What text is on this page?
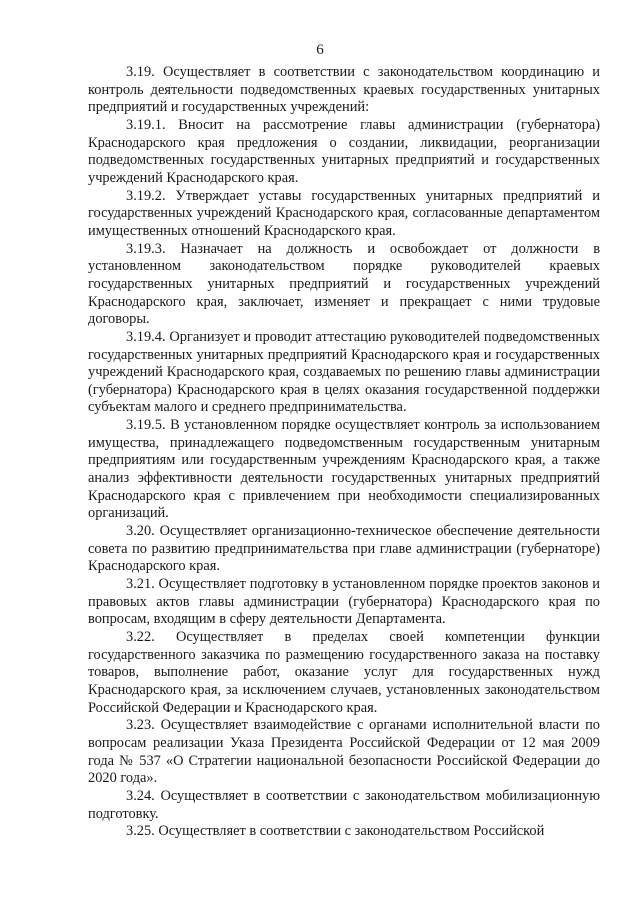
6

3.19. Осуществляет в соответствии с законодательством координацию и контроль деятельности подведомственных краевых государственных унитарных предприятий и государственных учреждений:

3.19.1. Вносит на рассмотрение главы администрации (губернатора) Краснодарского края предложения о создании, ликвидации, реорганизации подведомственных государственных унитарных предприятий и государственных учреждений Краснодарского края.

3.19.2. Утверждает уставы государственных унитарных предприятий и государственных учреждений Краснодарского края, согласованные департаментом имущественных отношений Краснодарского края.

3.19.3. Назначает на должность и освобождает от должности в установленном законодательством порядке руководителей краевых государственных унитарных предприятий и государственных учреждений Краснодарского края, заключает, изменяет и прекращает с ними трудовые договоры.

3.19.4. Организует и проводит аттестацию руководителей подведомственных государственных унитарных предприятий Краснодарского края и государственных учреждений Краснодарского края, создаваемых по решению главы администрации (губернатора) Краснодарского края в целях оказания государственной поддержки субъектам малого и среднего предпринимательства.

3.19.5. В установленном порядке осуществляет контроль за использованием имущества, принадлежащего подведомственным государственным унитарным предприятиям или государственным учреждениям Краснодарского края, а также анализ эффективности деятельности государственных унитарных предприятий Краснодарского края с привлечением при необходимости специализированных организаций.

3.20. Осуществляет организационно-техническое обеспечение деятельности совета по развитию предпринимательства при главе администрации (губернаторе) Краснодарского края.

3.21. Осуществляет подготовку в установленном порядке проектов законов и правовых актов главы администрации (губернатора) Краснодарского края по вопросам, входящим в сферу деятельности Департамента.

3.22. Осуществляет в пределах своей компетенции функции государственного заказчика по размещению государственного заказа на поставку товаров, выполнение работ, оказание услуг для государственных нужд Краснодарского края, за исключением случаев, установленных законодательством Российской Федерации и Краснодарского края.

3.23. Осуществляет взаимодействие с органами исполнительной власти по вопросам реализации Указа Президента Российской Федерации от 12 мая 2009 года № 537 «О Стратегии национальной безопасности Российской Федерации до 2020 года».

3.24. Осуществляет в соответствии с законодательством мобилизационную подготовку.

3.25. Осуществляет в соответствии с законодательством Российской
